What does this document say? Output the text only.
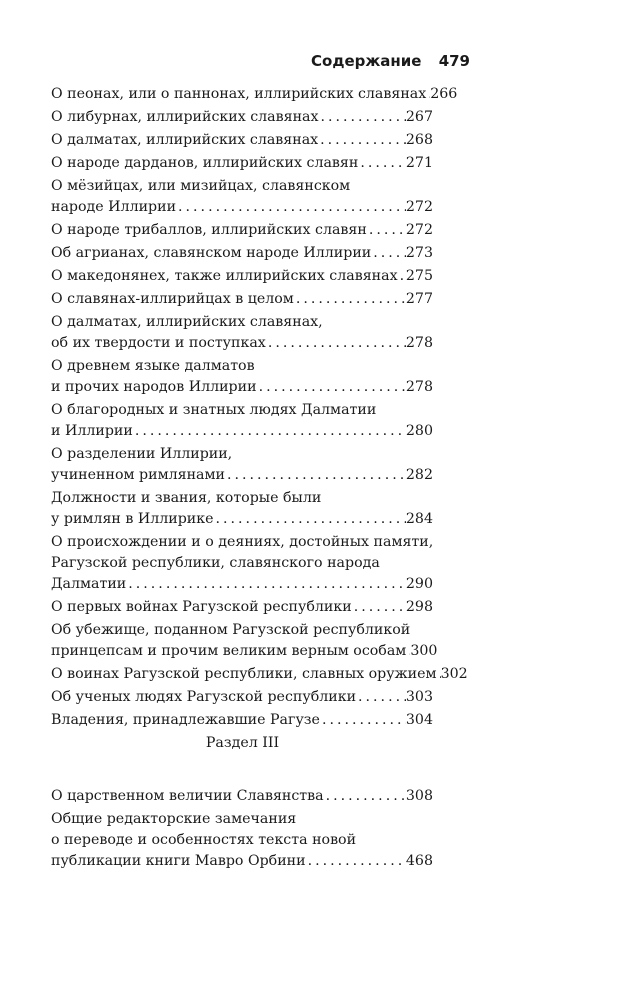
Содержание 479
О пеонах, или о паннонах, иллирийских славянах ..... 266
О либурнах, иллирийских славянах .....	267
О далматах, иллирийских славянах .....	268
О народе дарданов, иллирийских славян .....	271
О мёзийцах, или мизийцах, славянском
народе Иллирии .....	272
О народе трибаллов, иллирийских славян .....	272
Об агрианах, славянском народе Иллирии ..... 273
О македонянех, также иллирийских славянах ..... 275
О славянах-иллирийцах в целом .....	277
О далматах, иллирийских славянах,
об их твердости и поступках .....	278
О древнем языке далматов
и прочих народов Иллирии .....	278
О благородных и знатных людях Далматии
и Иллирии .....	280
О разделении Иллирии,
учиненном римлянами .....	282
Должности и звания, которые были
у римлян в Иллирике .....	284
О происхождении и о деяниях, достойных памяти,
Рагузской республики, славянского народа
Далматии .....	290
О первых войнах Рагузской республики .....	298
Об убежище, поданном Рагузской республикой
принцепсам и прочим великим верным особам ..... 300
О воинах Рагузской республики, славных оружием ..... 302
Об ученых людях Рагузской республики .....	303
Владения, принадлежавшие Рагузе .....	304
Раздел III
О царственном величии Славянства .....	308
Общие редакторские замечания
о переводе и особенностях текста новой
публикации книги Мавро Орбини .....	468
